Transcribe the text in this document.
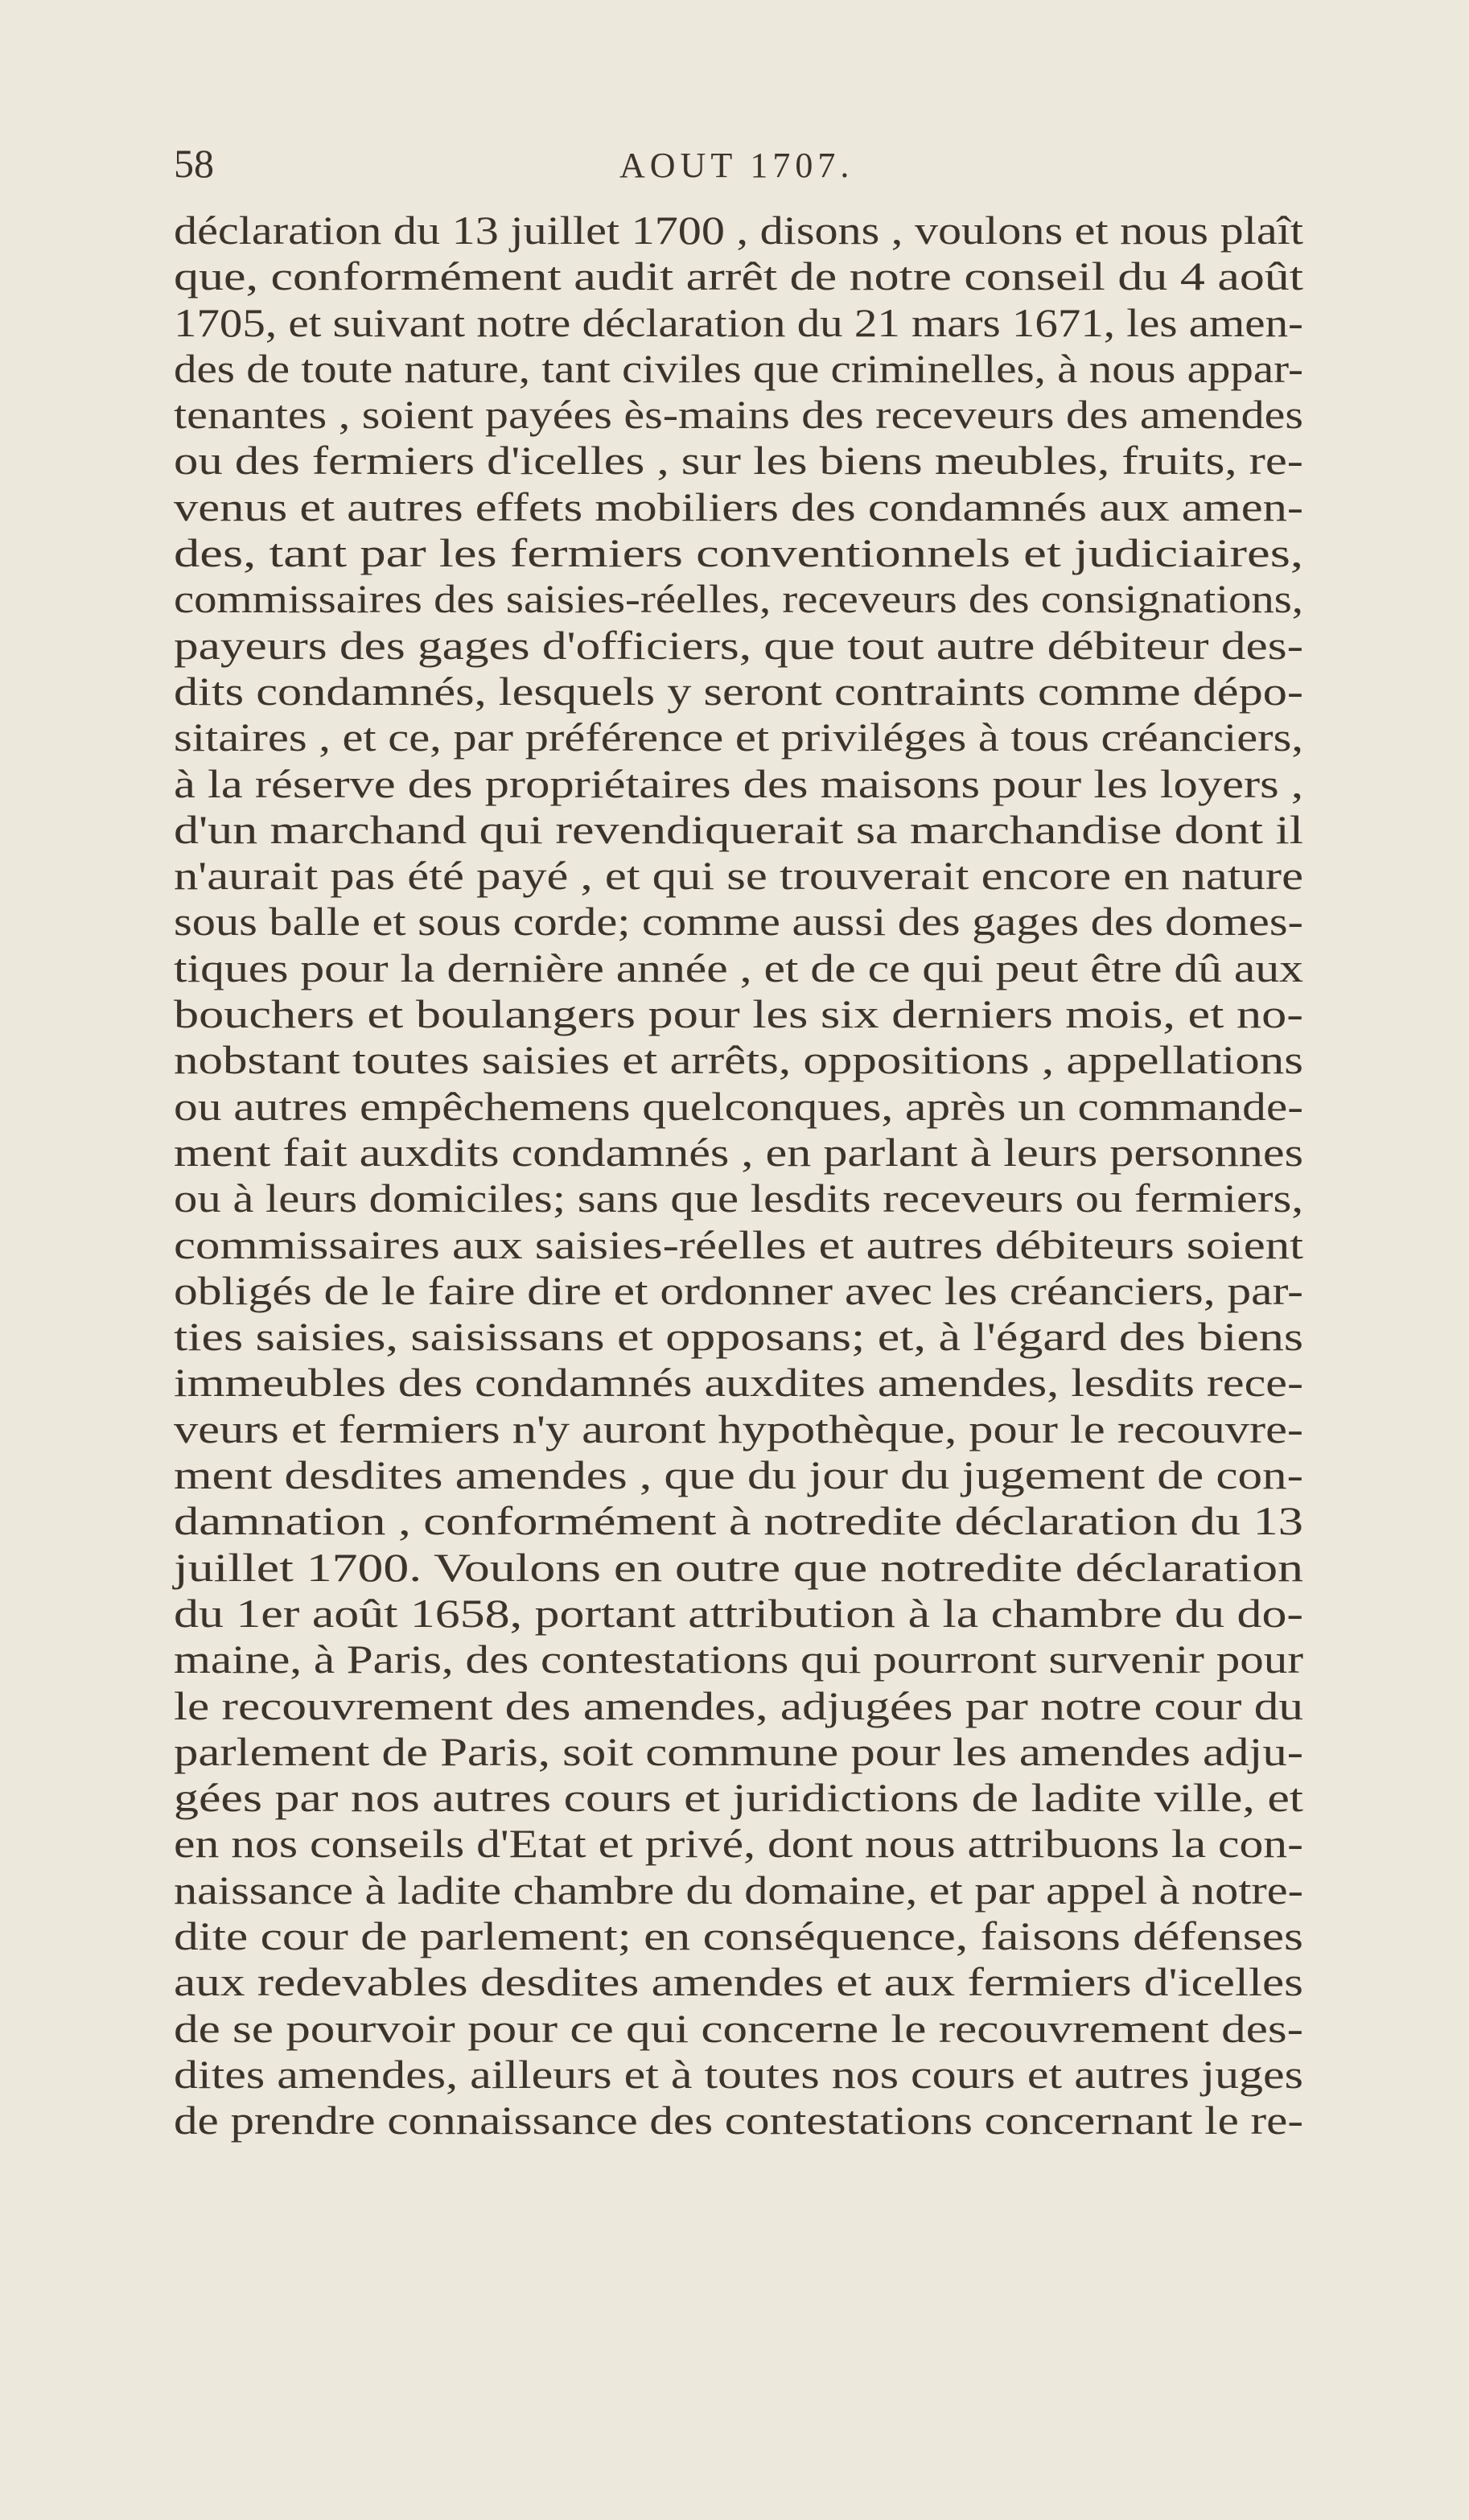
58	AOUT 1707.
déclaration du 13 juillet 1700 , disons , voulons et nous plaît
que, conformément audit arrêt de notre conseil du 4 août
1705, et suivant notre déclaration du 21 mars 1671, les amen-
des de toute nature, tant civiles que criminelles, à nous appar-
tenantes , soient payées ès-mains des receveurs des amendes
ou des fermiers d'icelles , sur les biens meubles, fruits, re-
venus et autres effets mobiliers des condamnés aux amen-
des, tant par les fermiers conventionnels et judiciaires,
commissaires des saisies-réelles, receveurs des consignations,
payeurs des gages d'officiers, que tout autre débiteur des-
dits condamnés, lesquels y seront contraints comme dépo-
sitaires , et ce, par préférence et priviléges à tous créanciers,
à la réserve des propriétaires des maisons pour les loyers ,
d'un marchand qui revendiquerait sa marchandise dont il
n'aurait pas été payé , et qui se trouverait encore en nature
sous balle et sous corde; comme aussi des gages des domes-
tiques pour la dernière année , et de ce qui peut être dû aux
bouchers et boulangers pour les six derniers mois, et no-
nobstant toutes saisies et arrêts, oppositions , appellations
ou autres empêchemens quelconques, après un commande-
ment fait auxdits condamnés , en parlant à leurs personnes
ou à leurs domiciles; sans que lesdits receveurs ou fermiers,
commissaires aux saisies-réelles et autres débiteurs soient
obligés de le faire dire et ordonner avec les créanciers, par-
ties saisies, saisissans et opposans; et, à l'égard des biens
immeubles des condamnés auxdites amendes, lesdits rece-
veurs et fermiers n'y auront hypothèque, pour le recouvre-
ment desdites amendes , que du jour du jugement de con-
damnation , conformément à notredite déclaration du 13
juillet 1700. Voulons en outre que notredite déclaration
du 1er août 1658, portant attribution à la chambre du do-
maine, à Paris, des contestations qui pourront survenir pour
le recouvrement des amendes, adjugées par notre cour du
parlement de Paris, soit commune pour les amendes adju-
gées par nos autres cours et juridictions de ladite ville, et
en nos conseils d'Etat et privé, dont nous attribuons la con-
naissance à ladite chambre du domaine, et par appel à notre-
dite cour de parlement; en conséquence, faisons défenses
aux redevables desdites amendes et aux fermiers d'icelles
de se pourvoir pour ce qui concerne le recouvrement des-
dites amendes, ailleurs et à toutes nos cours et autres juges
de prendre connaissance des contestations concernant le re-
